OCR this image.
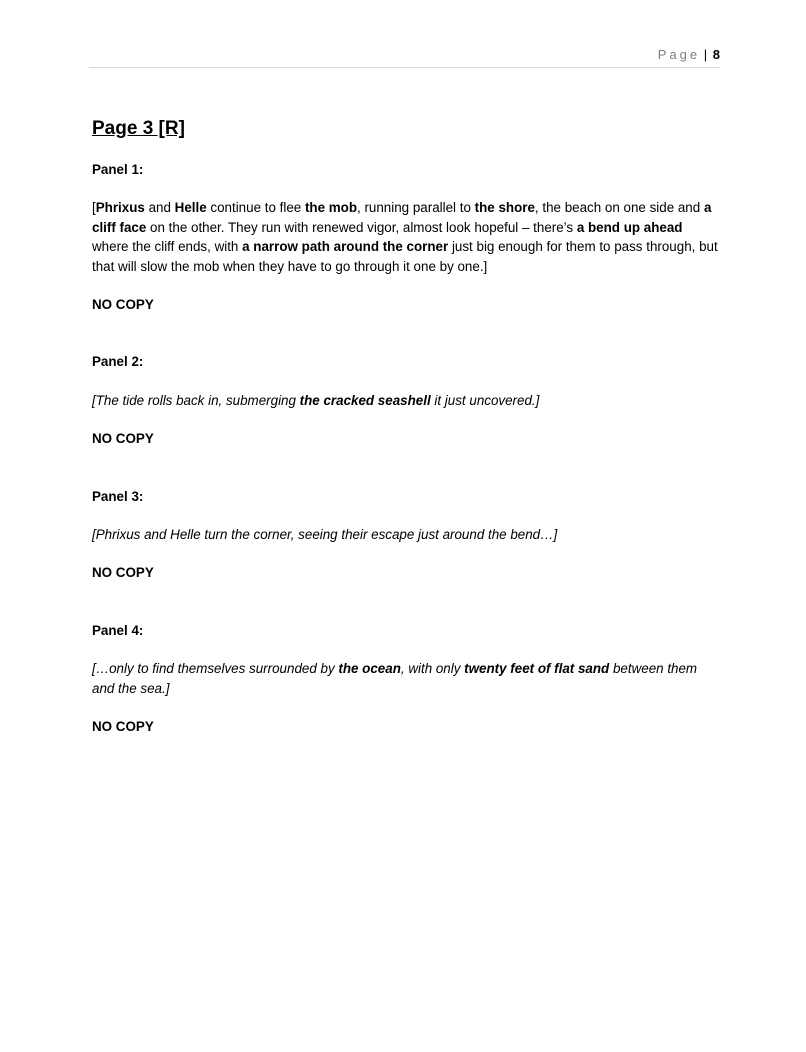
Page | 8
Page 3 [R]

Panel 1:

[Phrixus and Helle continue to flee the mob, running parallel to the shore, the beach on one side and a cliff face on the other. They run with renewed vigor, almost look hopeful – there’s a bend up ahead where the cliff ends, with a narrow path around the corner just big enough for them to pass through, but that will slow the mob when they have to go through it one by one.]

NO COPY

Panel 2:

[The tide rolls back in, submerging the cracked seashell it just uncovered.]

NO COPY

Panel 3:

[Phrixus and Helle turn the corner, seeing their escape just around the bend…]

NO COPY

Panel 4:

[…only to find themselves surrounded by the ocean, with only twenty feet of flat sand between them and the sea.]

NO COPY
